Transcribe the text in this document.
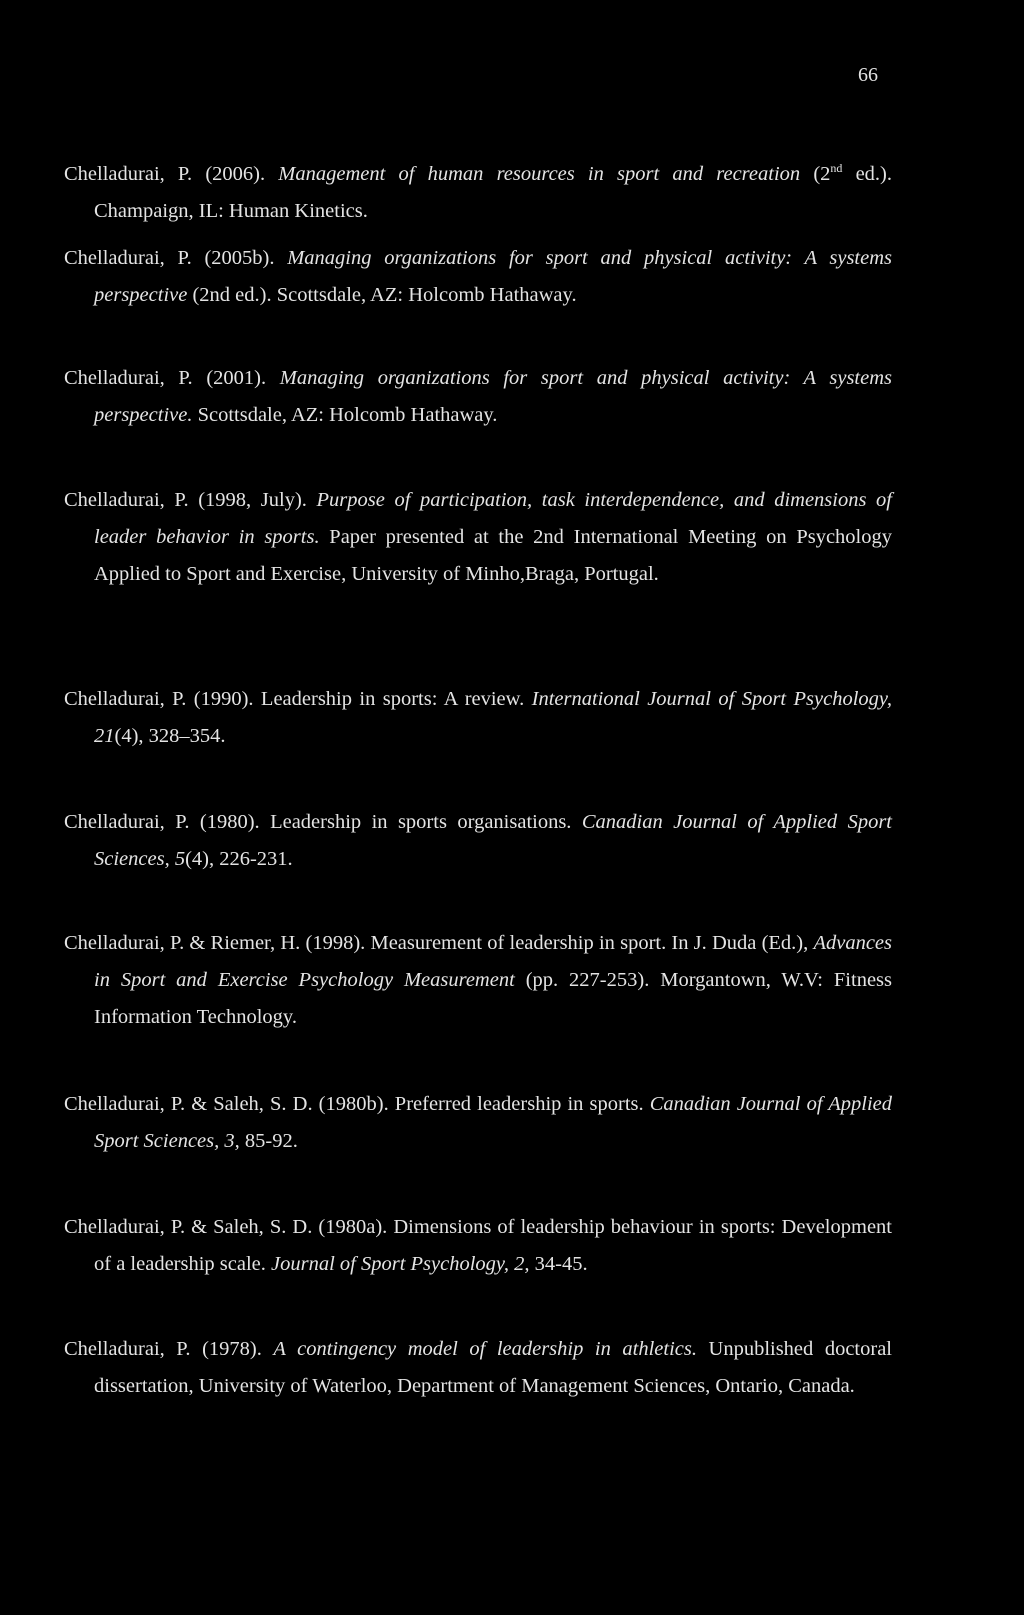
66

Chelladurai, P. (2006). Management of human resources in sport and recreation (2nd ed.). Champaign, IL: Human Kinetics.

Chelladurai, P. (2005b). Managing organizations for sport and physical activity: A systems perspective (2nd ed.). Scottsdale, AZ: Holcomb Hathaway.

Chelladurai, P. (2001). Managing organizations for sport and physical activity: A systems perspective. Scottsdale, AZ: Holcomb Hathaway.

Chelladurai, P. (1998, July). Purpose of participation, task interdependence, and dimensions of leader behavior in sports. Paper presented at the 2nd International Meeting on Psychology Applied to Sport and Exercise, University of Minho,Braga, Portugal.

Chelladurai, P. (1990). Leadership in sports: A review. International Journal of Sport Psychology, 21(4), 328–354.

Chelladurai, P. (1980). Leadership in sports organisations. Canadian Journal of Applied Sport Sciences, 5(4), 226-231.

Chelladurai, P. & Riemer, H. (1998). Measurement of leadership in sport. In J. Duda (Ed.), Advances in Sport and Exercise Psychology Measurement (pp. 227-253). Morgantown, W.V: Fitness Information Technology.

Chelladurai, P. & Saleh, S. D. (1980b). Preferred leadership in sports. Canadian Journal of Applied Sport Sciences, 3, 85-92.

Chelladurai, P. & Saleh, S. D. (1980a). Dimensions of leadership behaviour in sports: Development of a leadership scale. Journal of Sport Psychology, 2, 34-45.

Chelladurai, P. (1978). A contingency model of leadership in athletics. Unpublished doctoral dissertation, University of Waterloo, Department of Management Sciences, Ontario, Canada.
